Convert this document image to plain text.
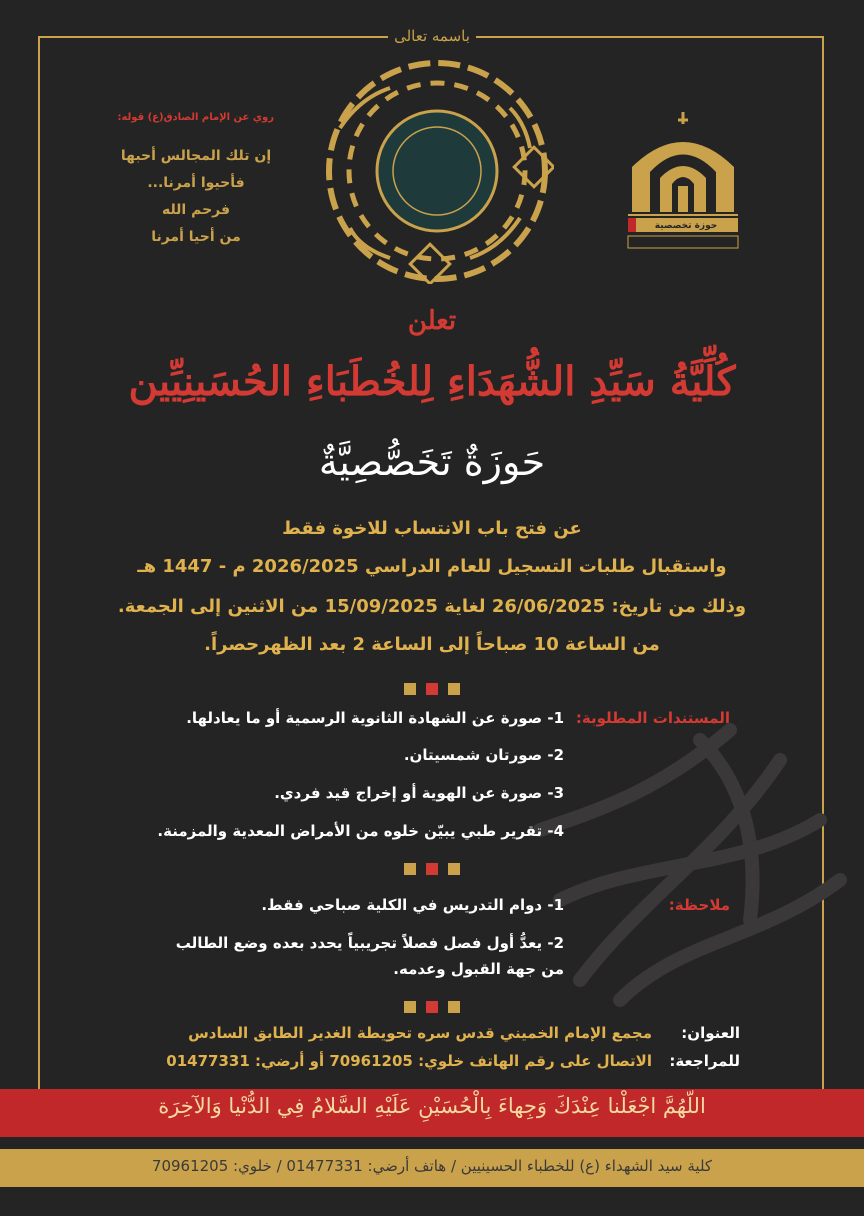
باسمه تعالى
حوزة تخصصية
روي عن الإمام الصادق(ع) قوله:
إن تلك المجالس أحبها
فأحيوا أمرنا...
فرحم الله
من أحيا أمرنا
تعلن
كُلِّيَّةُ سَيِّدِ الشُّهَدَاءِ لِلخُطَبَاءِ الحُسَينِيِّين
حَوزَةٌ تَخَصُّصِيَّةٌ
عن فتح باب الانتساب للاخوة فقط
واستقبال طلبات التسجيل للعام الدراسي 2026/2025 م - 1447 هـ
وذلك من تاريخ: 26/06/2025 لغاية 15/09/2025 من الاثنين إلى الجمعة.
من الساعة 10 صباحاً إلى الساعة 2 بعد الظهرحصراً.
المستندات المطلوبة:
1- صورة عن الشهادة الثانوية الرسمية أو ما يعادلها.
2- صورتان شمسيتان.
3- صورة عن الهوية أو إخراج قيد فردي.
4- تقرير طبي يبيّن خلوه من الأمراض المعدية والمزمنة.
ملاحظة:
1- دوام التدريس في الكلية صباحي فقط.
2- يعدُّ أول فصل فصلاً تجريبياً يحدد بعده وضع الطالب
من جهة القبول وعدمه.
العنوان:
مجمع الإمام الخميني قدس سره تحويطة الغدير الطابق السادس
للمراجعة:
الاتصال على رقم الهاتف خلوي: 70961205 أو أرضي: 01477331
اللّهُمَّ اجْعَلْنا عِنْدَكَ وَجِهاءَ بِالْحُسَيْنِ عَلَيْهِ السَّلامُ فِي الدُّنْيا وَالآخِرَة
كلية سيد الشهداء (ع) للخطباء الحسينيين / هاتف أرضي: 01477331 / خلوي: 70961205
